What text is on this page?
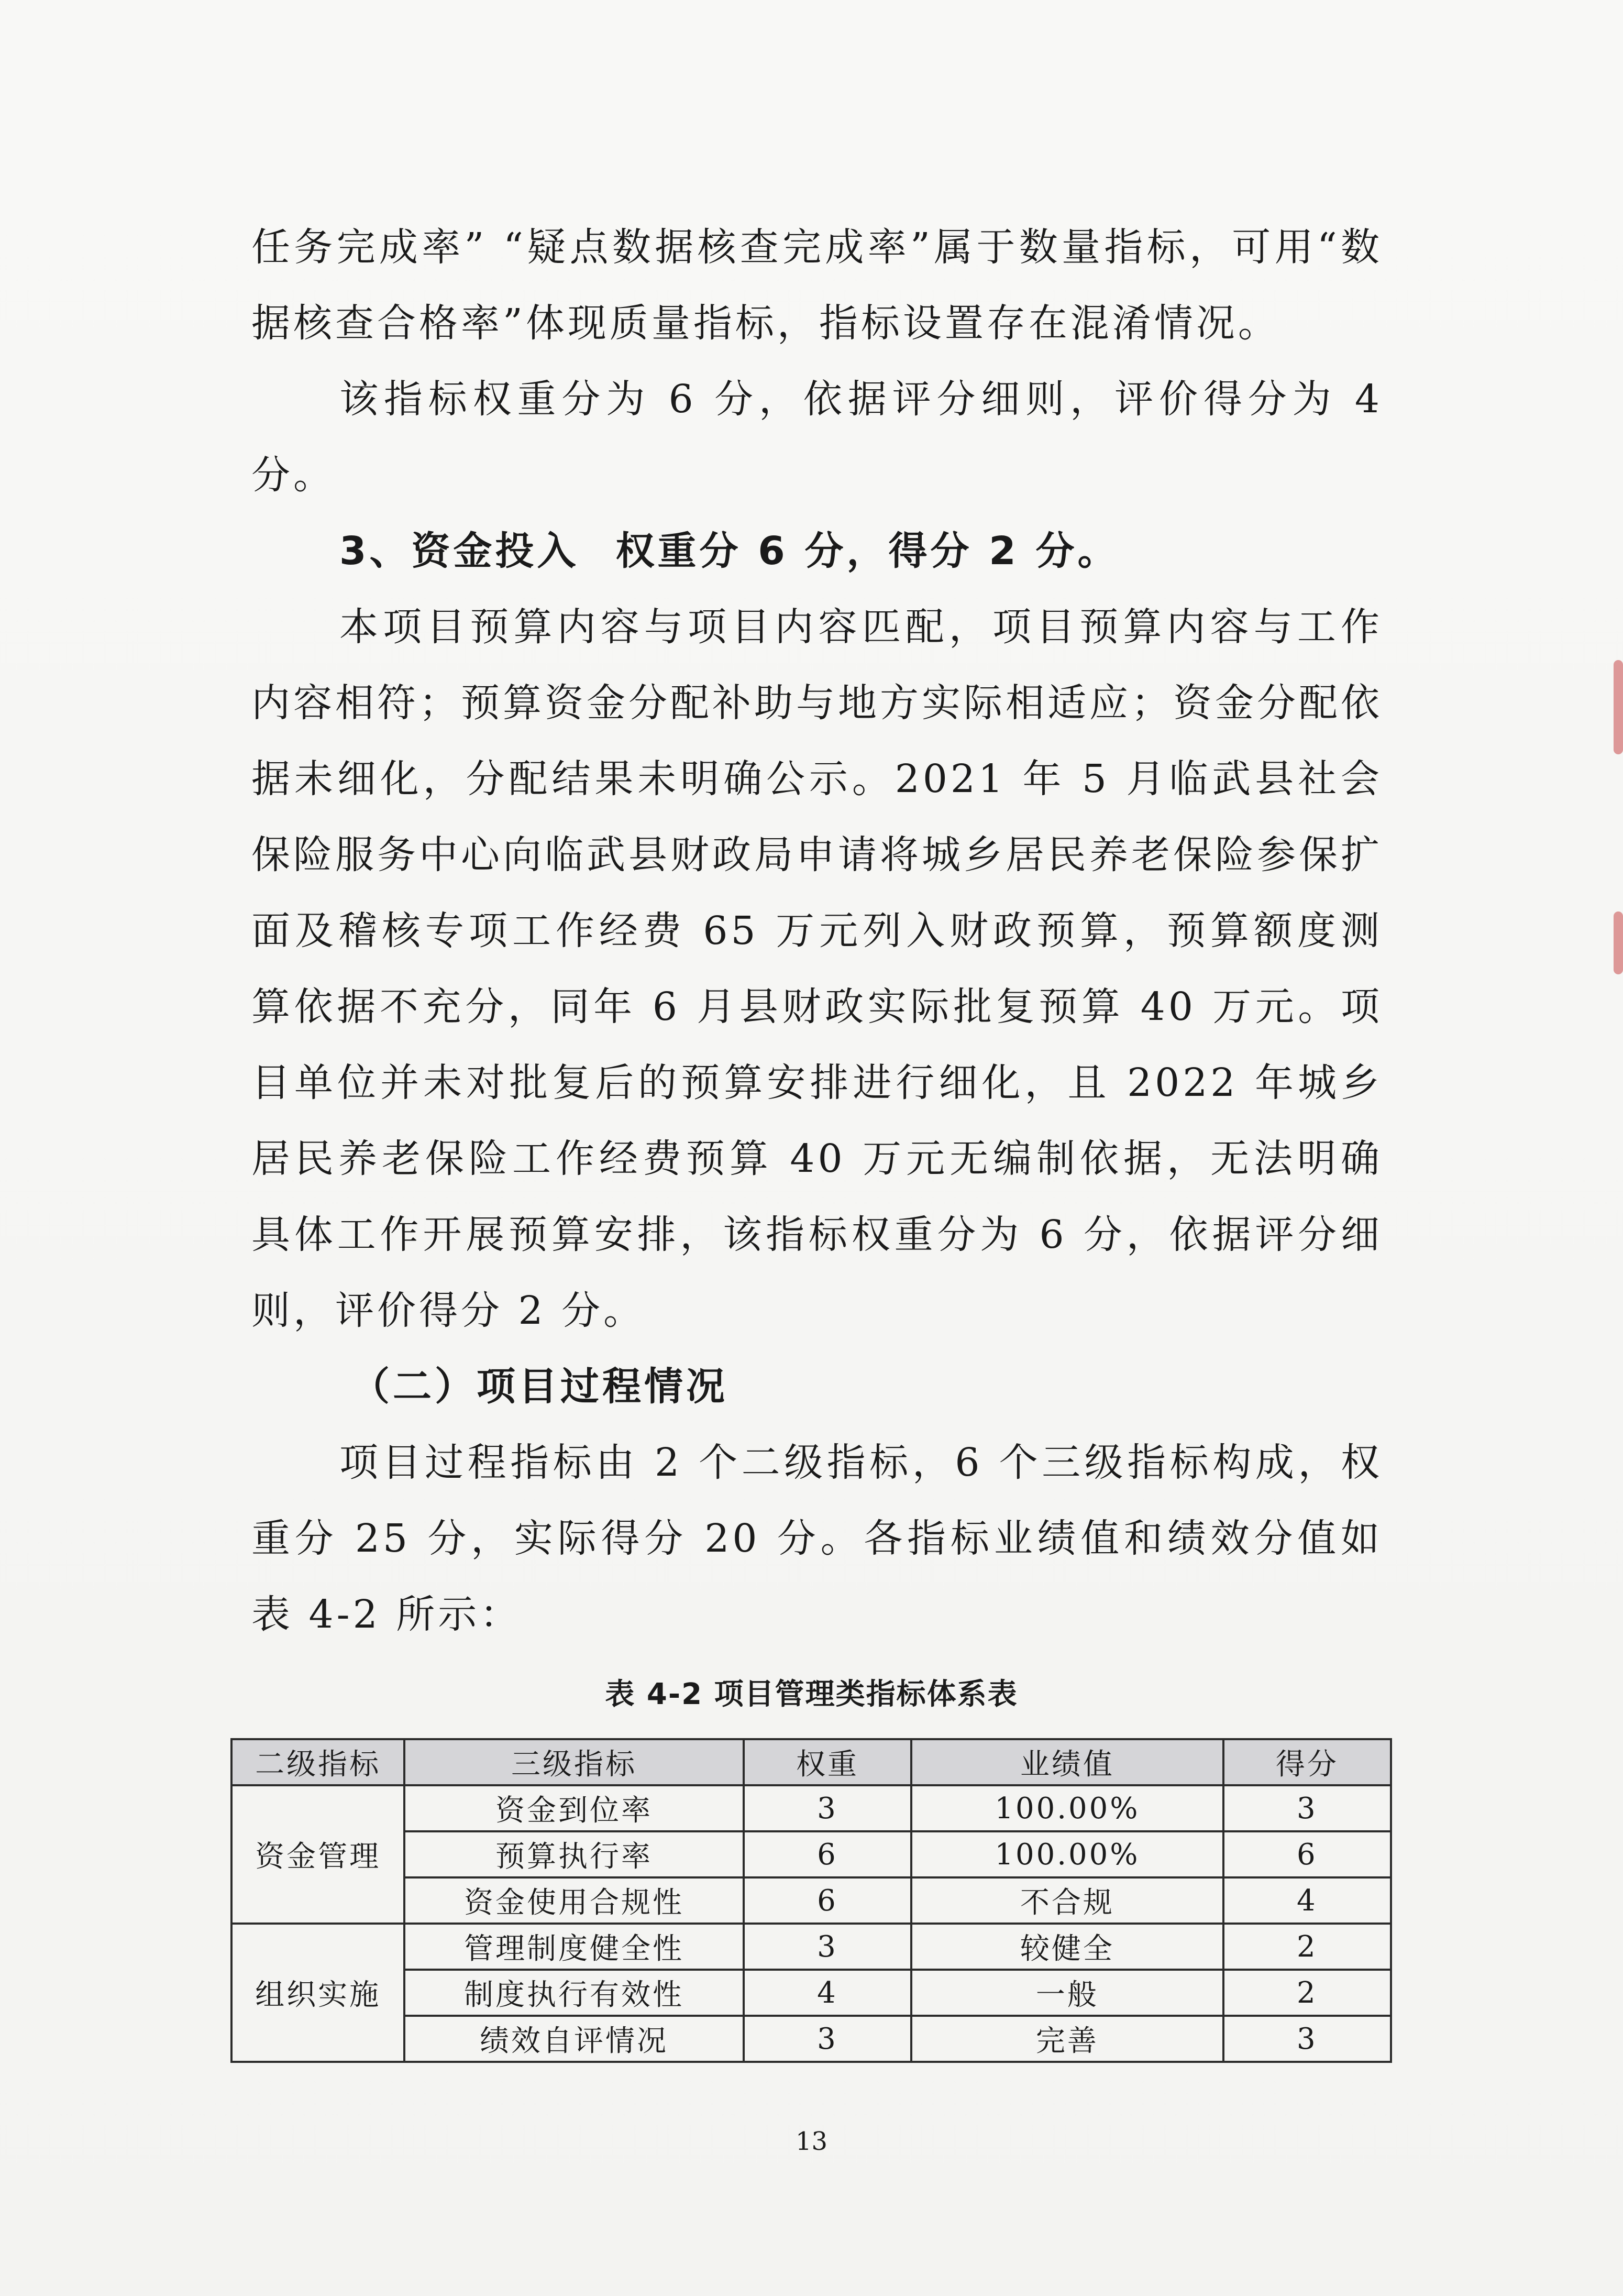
任务完成率” “疑点数据核查完成率”属于数量指标，可用“数据核查合格率”体现质量指标，指标设置存在混淆情况。

该指标权重分为 6 分，依据评分细则，评价得分为 4 分。

3、资金投入 权重分 6 分，得分 2 分。

本项目预算内容与项目内容匹配，项目预算内容与工作内容相符；预算资金分配补助与地方实际相适应；资金分配依据未细化，分配结果未明确公示。2021 年 5 月临武县社会保险服务中心向临武县财政局申请将城乡居民养老保险参保扩面及稽核专项工作经费 65 万元列入财政预算，预算额度测算依据不充分，同年 6 月县财政实际批复预算 40 万元。项目单位并未对批复后的预算安排进行细化，且 2022 年城乡居民养老保险工作经费预算 40 万元无编制依据，无法明确具体工作开展预算安排，该指标权重分为 6 分，依据评分细则，评价得分 2 分。

（二）项目过程情况

项目过程指标由 2 个二级指标，6 个三级指标构成，权重分 25 分，实际得分 20 分。各指标业绩值和绩效分值如表 4-2 所示：

表 4-2 项目管理类指标体系表
二级指标	三级指标	权重	业绩值	得分
资金管理	资金到位率	3	100.00%	3
	预算执行率	6	100.00%	6
	资金使用合规性	6	不合规	4
组织实施	管理制度健全性	3	较健全	2
	制度执行有效性	4	一般	2
	绩效自评情况	3	完善	3
13
